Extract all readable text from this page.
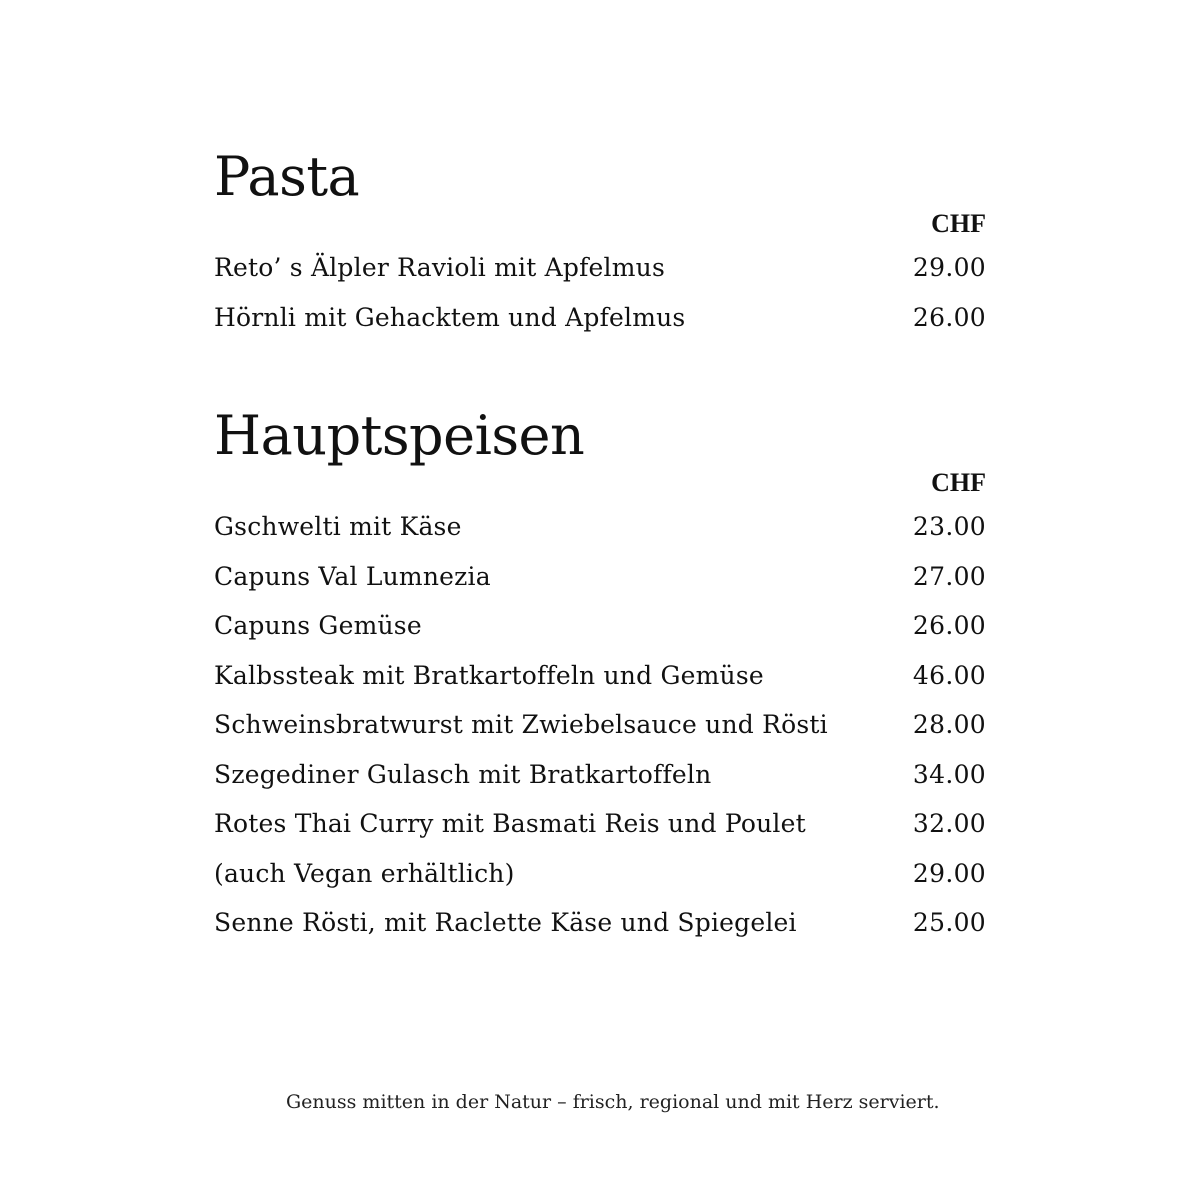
Pasta
CHF
Reto’ s Älpler Ravioli mit Apfelmus	29.00
Hörnli mit Gehacktem und Apfelmus	26.00
Hauptspeisen
CHF
Gschwelti mit Käse	23.00
Capuns Val Lumnezia	27.00
Capuns Gemüse	26.00
Kalbssteak mit Bratkartoffeln und Gemüse	46.00
Schweinsbratwurst mit Zwiebelsauce und Rösti	28.00
Szegediner Gulasch mit Bratkartoffeln	34.00
Rotes Thai Curry mit Basmati Reis und Poulet	32.00
(auch Vegan erhältlich)	29.00
Senne Rösti, mit Raclette Käse und Spiegelei	25.00
Genuss mitten in der Natur – frisch, regional und mit Herz serviert.
